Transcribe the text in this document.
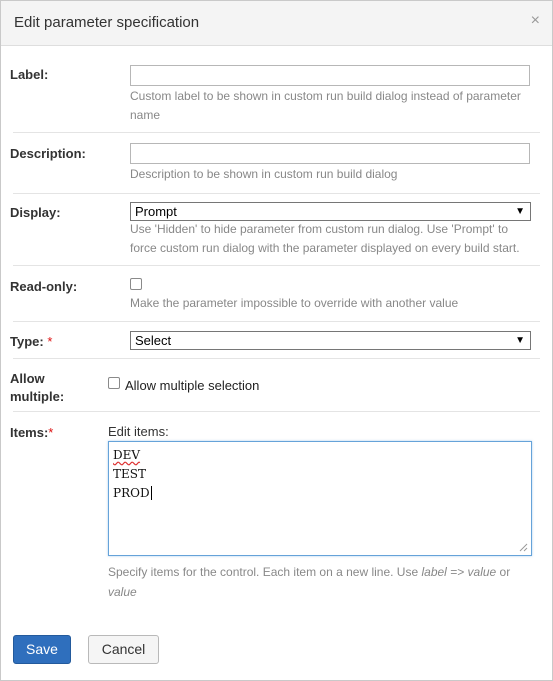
Edit parameter specification	×
Label:
Custom label to be shown in custom run build dialog instead of parameter name
Description:
Description to be shown in custom run build dialog
Display:	Prompt	▼
Use 'Hidden' to hide parameter from custom run dialog. Use 'Prompt' to force custom run dialog with the parameter displayed on every build start.
Read-only:
Make the parameter impossible to override with another value
Type: *	Select	▼
Allow
multiple:
Allow multiple selection
Items:*	Edit items:
DEV
TEST
PROD
Specify items for the control. Each item on a new line. Use label => value or
value
Save	Cancel
